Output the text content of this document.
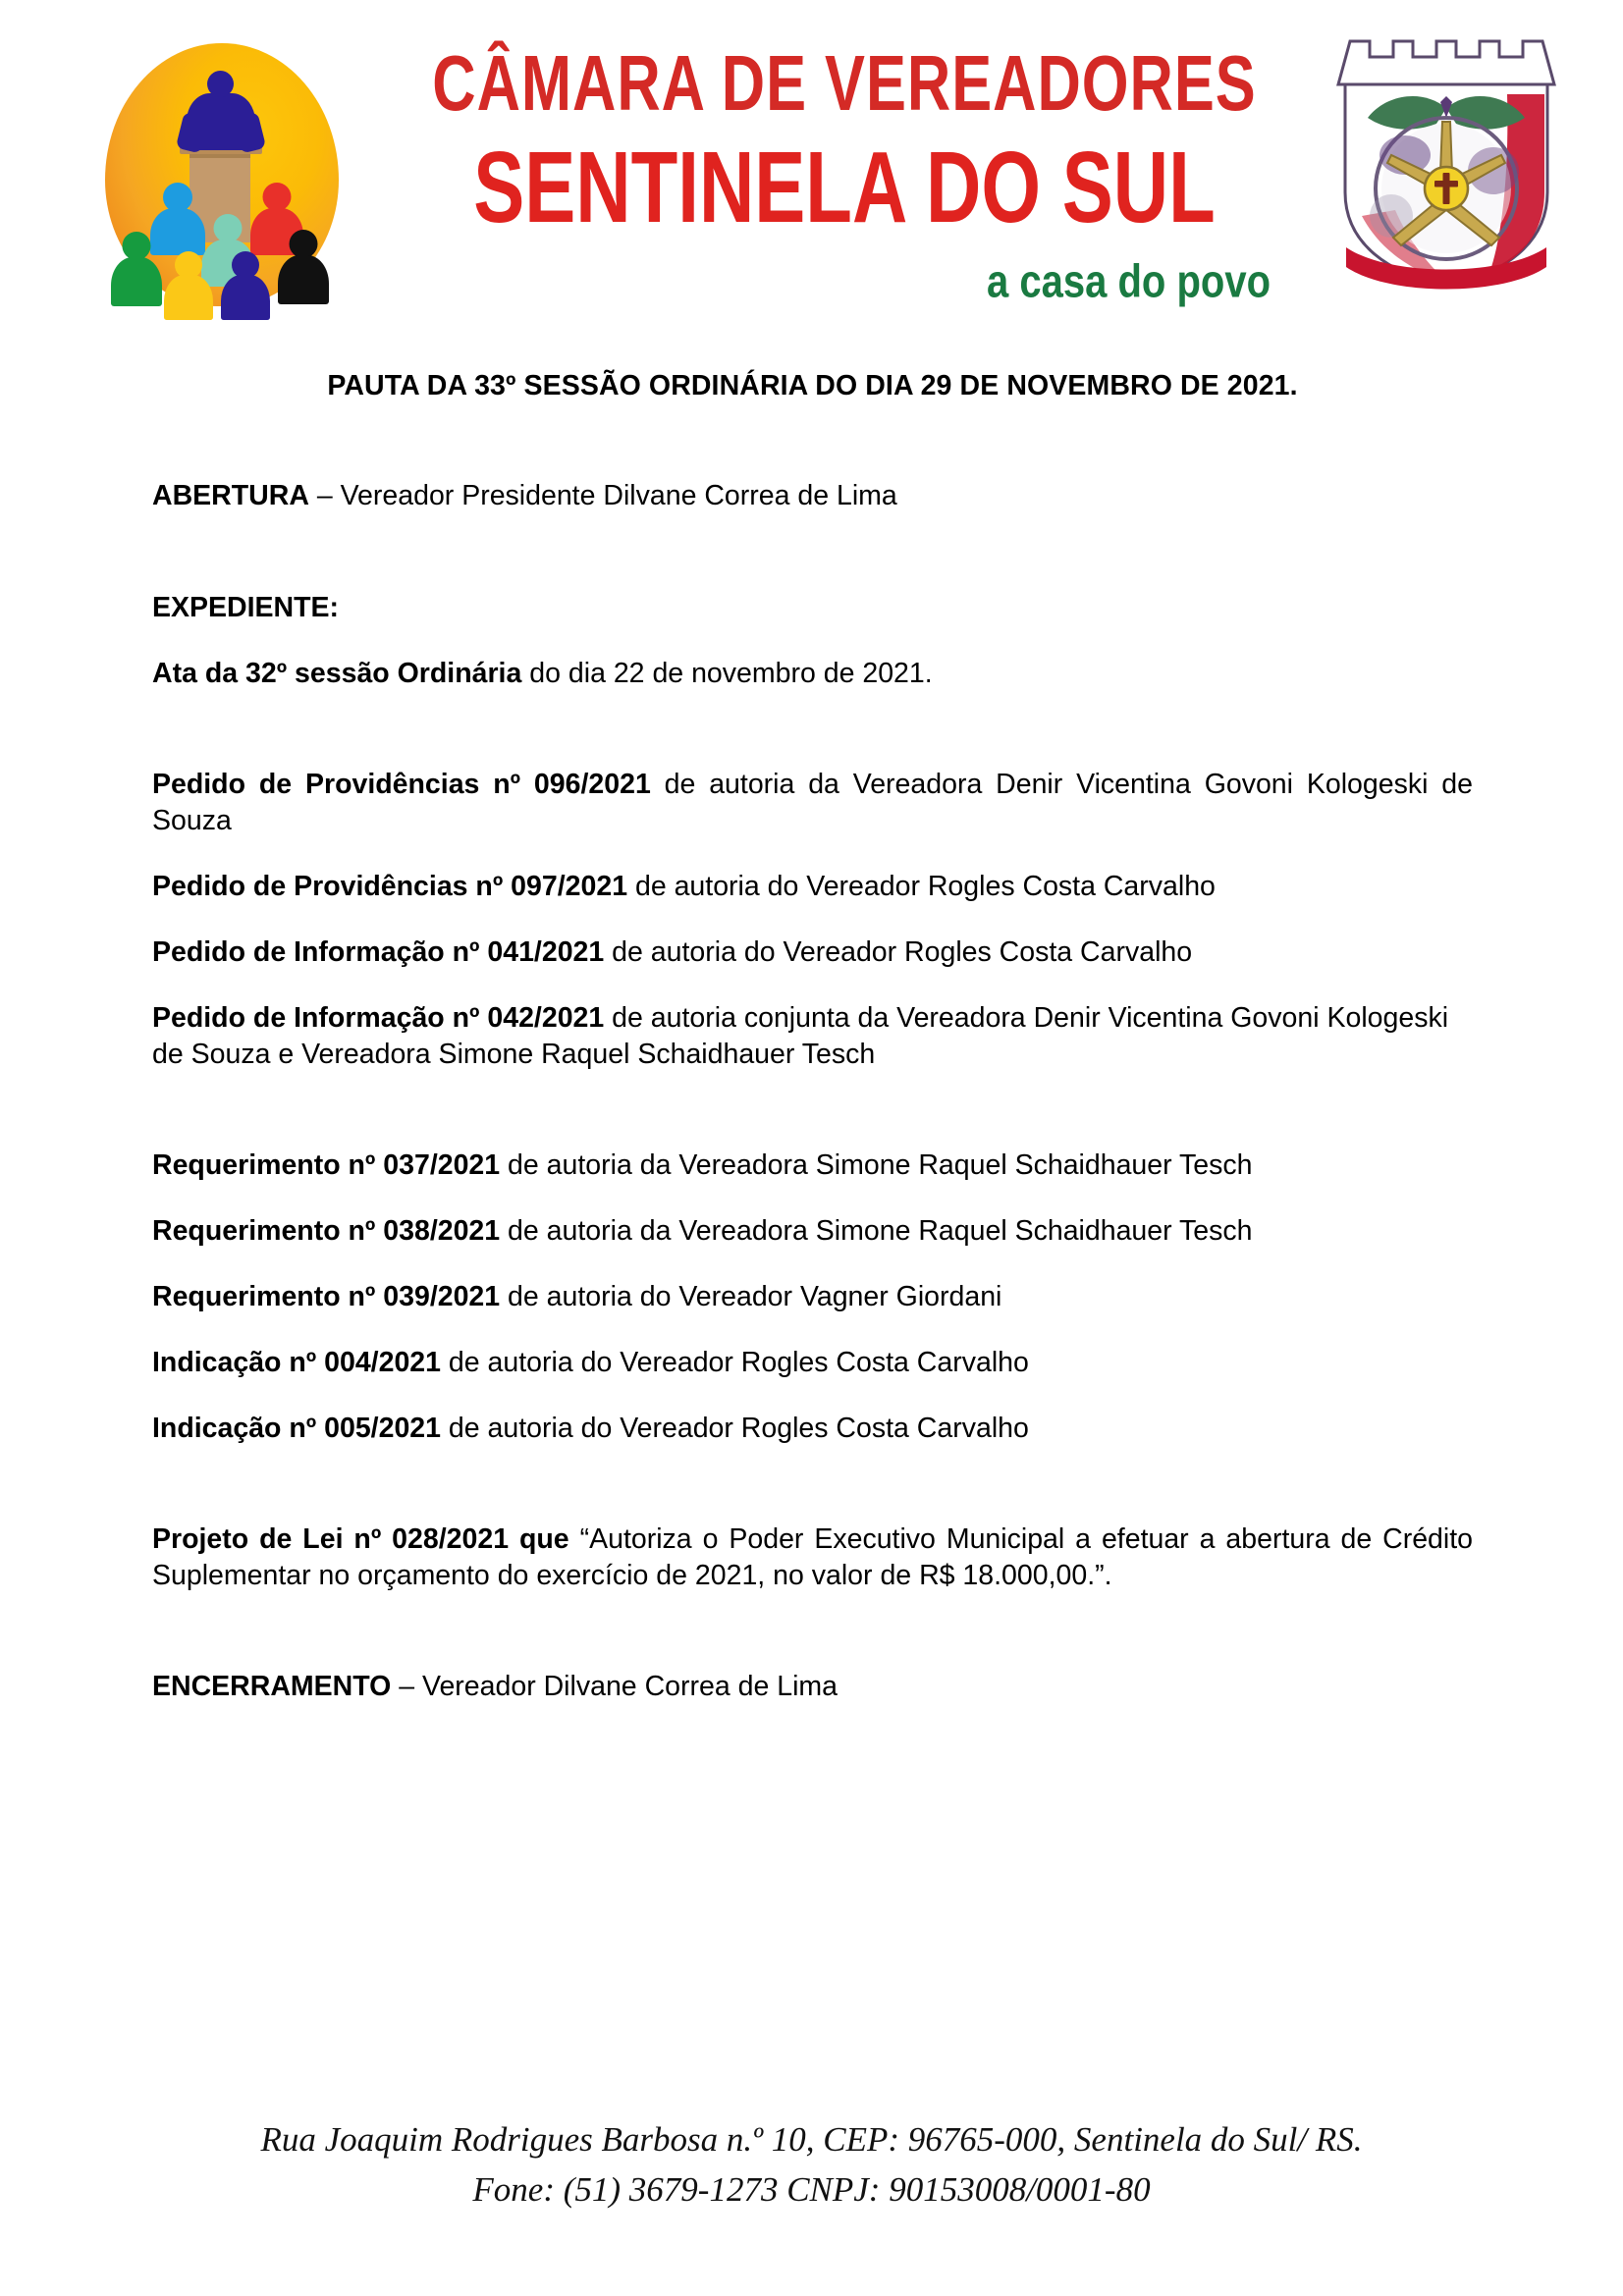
CÂMARA DE VEREADORES
SENTINELA DO SUL
a casa do povo
PAUTA DA 33º SESSÃO ORDINÁRIA DO DIA 29 DE NOVEMBRO DE 2021.

ABERTURA – Vereador Presidente Dilvane Correa de Lima

EXPEDIENTE:

Ata da 32º sessão Ordinária do dia 22 de novembro de 2021.

Pedido de Providências nº 096/2021 de autoria da Vereadora Denir Vicentina Govoni Kologeski de Souza

Pedido de Providências nº 097/2021 de autoria do Vereador Rogles Costa Carvalho

Pedido de Informação nº 041/2021 de autoria do Vereador Rogles Costa Carvalho

Pedido de Informação nº 042/2021 de autoria conjunta da Vereadora Denir Vicentina Govoni Kologeski de Souza e Vereadora Simone Raquel Schaidhauer Tesch

Requerimento nº 037/2021 de autoria da Vereadora Simone Raquel Schaidhauer Tesch

Requerimento nº 038/2021 de autoria da Vereadora Simone Raquel Schaidhauer Tesch

Requerimento nº 039/2021 de autoria do Vereador Vagner Giordani

Indicação nº 004/2021 de autoria do Vereador Rogles Costa Carvalho

Indicação nº 005/2021 de autoria do Vereador Rogles Costa Carvalho

Projeto de Lei nº 028/2021 que “Autoriza o Poder Executivo Municipal a efetuar a abertura de Crédito Suplementar no orçamento do exercício de 2021, no valor de R$ 18.000,00.”.

ENCERRAMENTO – Vereador Dilvane Correa de Lima

Rua Joaquim Rodrigues Barbosa n.º 10, CEP: 96765-000, Sentinela do Sul/ RS.
Fone: (51) 3679-1273 CNPJ: 90153008/0001-80
